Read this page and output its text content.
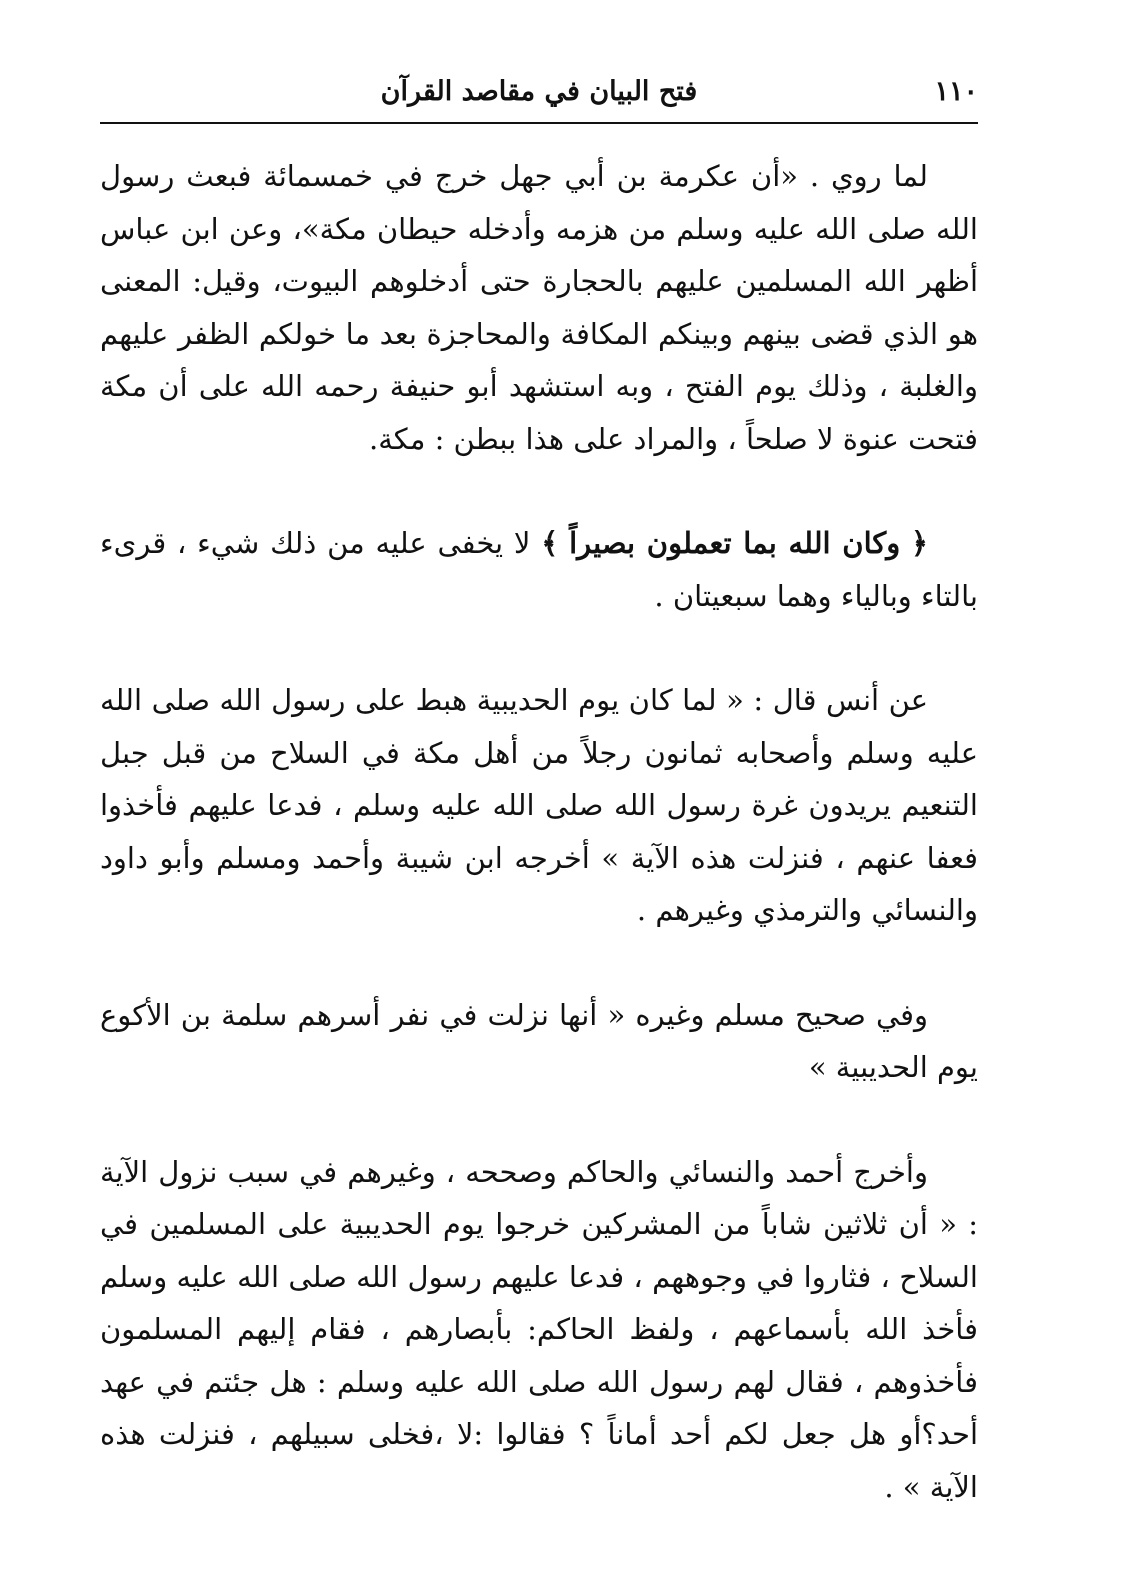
١١٠
فتح البيان في مقاصد القرآن

لما روي . «أن عكرمة بن أبي جهل خرج في خمسمائة فبعث رسول الله صلى الله عليه وسلم من هزمه وأدخله حيطان مكة»، وعن ابن عباس أظهر الله المسلمين عليهم بالحجارة حتى أدخلوهم البيوت، وقيل: المعنى هو الذي قضى بينهم وبينكم المكافة والمحاجزة بعد ما خولكم الظفر عليهم والغلبة ، وذلك يوم الفتح ، وبه استشهد أبو حنيفة رحمه الله على أن مكة فتحت عنوة لا صلحاً ، والمراد على هذا ببطن : مكة.

﴿ وكان الله بما تعملون بصيراً ﴾ لا يخفى عليه من ذلك شيء ، قرىء بالتاء وبالياء وهما سبعيتان .

عن أنس قال : « لما كان يوم الحديبية هبط على رسول الله صلى الله عليه وسلم وأصحابه ثمانون رجلاً من أهل مكة في السلاح من قبل جبل التنعيم يريدون غرة رسول الله صلى الله عليه وسلم ، فدعا عليهم فأخذوا فعفا عنهم ، فنزلت هذه الآية » أخرجه ابن شيبة وأحمد ومسلم وأبو داود والنسائي والترمذي وغيرهم .

وفي صحيح مسلم وغيره « أنها نزلت في نفر أسرهم سلمة بن الأكوع يوم الحديبية »

وأخرج أحمد والنسائي والحاكم وصححه ، وغيرهم في سبب نزول الآية : « أن ثلاثين شاباً من المشركين خرجوا يوم الحديبية على المسلمين في السلاح ، فثاروا في وجوههم ، فدعا عليهم رسول الله صلى الله عليه وسلم فأخذ الله بأسماعهم ، ولفظ الحاكم: بأبصارهم ، فقام إليهم المسلمون فأخذوهم ، فقال لهم رسول الله صلى الله عليه وسلم : هل جئتم في عهد أحد؟أو هل جعل لكم أحد أماناً ؟ فقالوا :لا ،فخلى سبيلهم ، فنزلت هذه الآية » .
